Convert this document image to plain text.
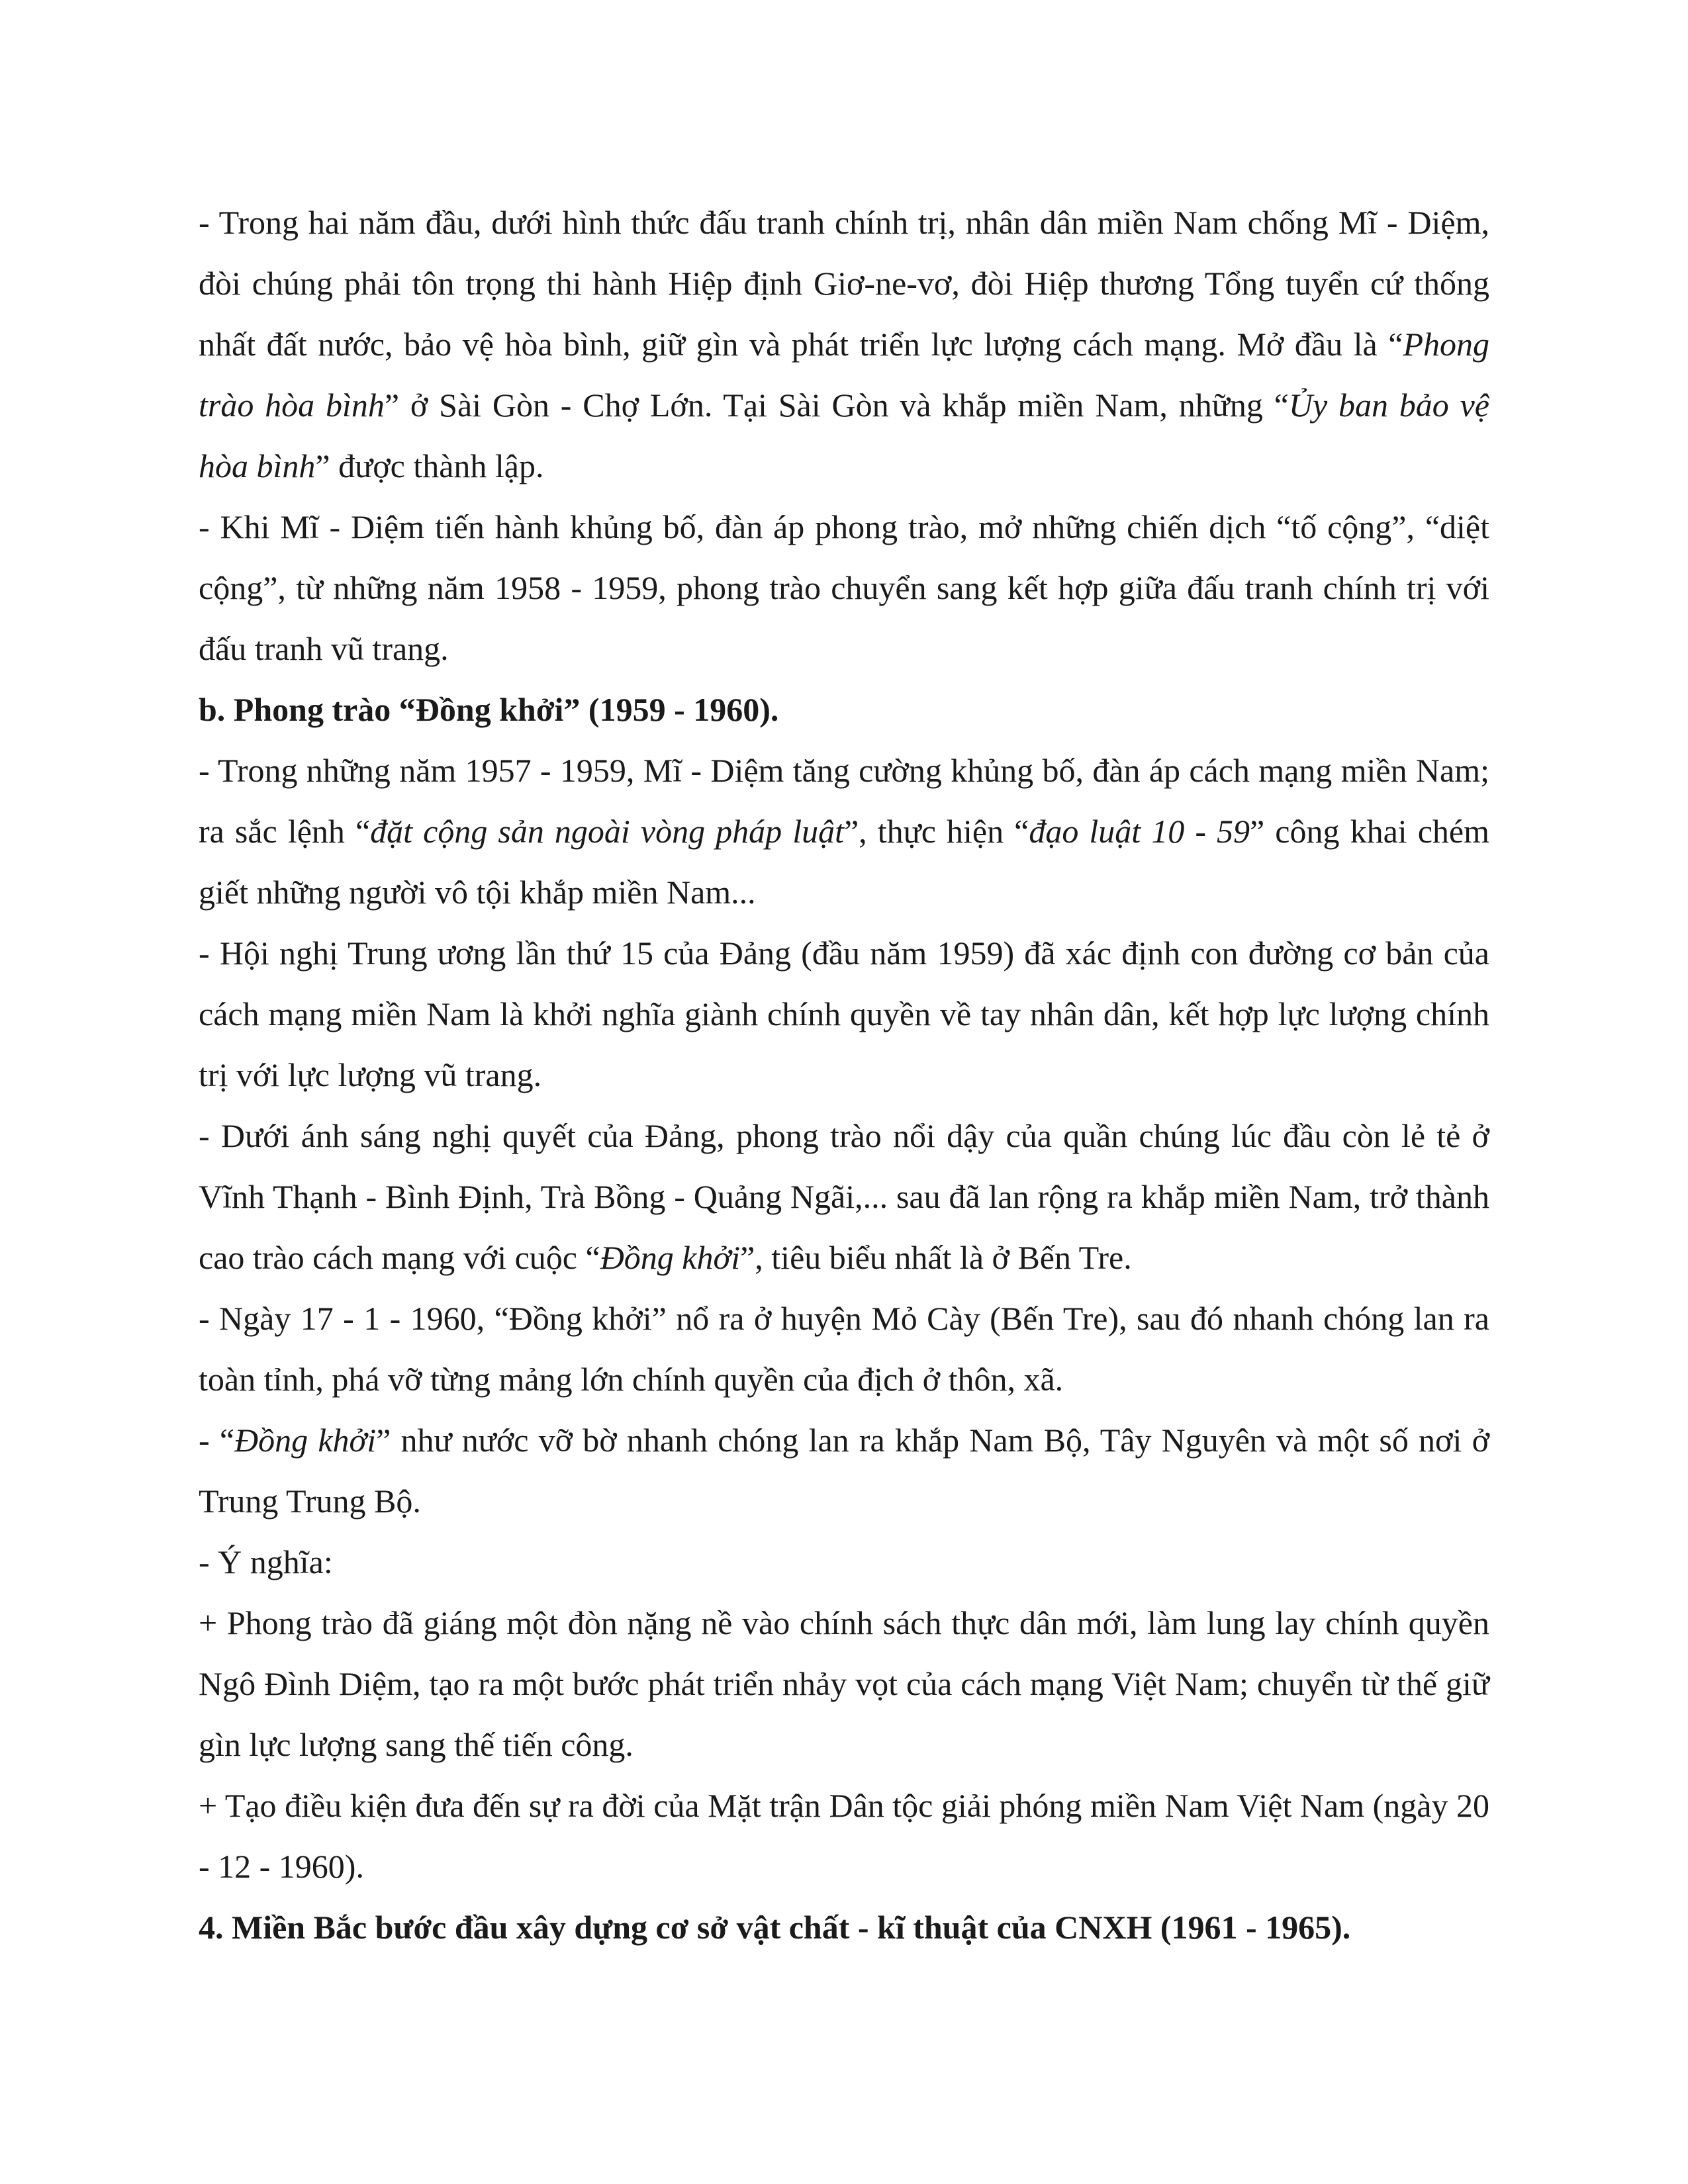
- Trong hai năm đầu, dưới hình thức đấu tranh chính trị, nhân dân miền Nam chống Mĩ - Diệm, đòi chúng phải tôn trọng thi hành Hiệp định Giơ-ne-vơ, đòi Hiệp thương Tổng tuyển cứ thống nhất đất nước, bảo vệ hòa bình, giữ gìn và phát triển lực lượng cách mạng. Mở đầu là “Phong trào hòa bình” ở Sài Gòn - Chợ Lớn. Tại Sài Gòn và khắp miền Nam, những “Ủy ban bảo vệ hòa bình” được thành lập.

- Khi Mĩ - Diệm tiến hành khủng bố, đàn áp phong trào, mở những chiến dịch “tố cộng”, “diệt cộng”, từ những năm 1958 - 1959, phong trào chuyển sang kết hợp giữa đấu tranh chính trị với đấu tranh vũ trang.

b. Phong trào “Đồng khởi” (1959 - 1960).

- Trong những năm 1957 - 1959, Mĩ - Diệm tăng cường khủng bố, đàn áp cách mạng miền Nam; ra sắc lệnh “đặt cộng sản ngoài vòng pháp luật”, thực hiện “đạo luật 10 - 59” công khai chém giết những người vô tội khắp miền Nam...

- Hội nghị Trung ương lần thứ 15 của Đảng (đầu năm 1959) đã xác định con đường cơ bản của cách mạng miền Nam là khởi nghĩa giành chính quyền về tay nhân dân, kết hợp lực lượng chính trị với lực lượng vũ trang.

- Dưới ánh sáng nghị quyết của Đảng, phong trào nổi dậy của quần chúng lúc đầu còn lẻ tẻ ở Vĩnh Thạnh - Bình Định, Trà Bồng - Quảng Ngãi,... sau đã lan rộng ra khắp miền Nam, trở thành cao trào cách mạng với cuộc “Đồng khởi”, tiêu biểu nhất là ở Bến Tre.

- Ngày 17 - 1 - 1960, “Đồng khởi” nổ ra ở huyện Mỏ Cày (Bến Tre), sau đó nhanh chóng lan ra toàn tỉnh, phá vỡ từng mảng lớn chính quyền của địch ở thôn, xã.

- “Đồng khởi” như nước vỡ bờ nhanh chóng lan ra khắp Nam Bộ, Tây Nguyên và một số nơi ở Trung Trung Bộ.

- Ý nghĩa:

+ Phong trào đã giáng một đòn nặng nề vào chính sách thực dân mới, làm lung lay chính quyền Ngô Đình Diệm, tạo ra một bước phát triển nhảy vọt của cách mạng Việt Nam; chuyển từ thế giữ gìn lực lượng sang thế tiến công.

+ Tạo điều kiện đưa đến sự ra đời của Mặt trận Dân tộc giải phóng miền Nam Việt Nam (ngày 20 - 12 - 1960).

4. Miền Bắc bước đầu xây dựng cơ sở vật chất - kĩ thuật của CNXH (1961 - 1965).
